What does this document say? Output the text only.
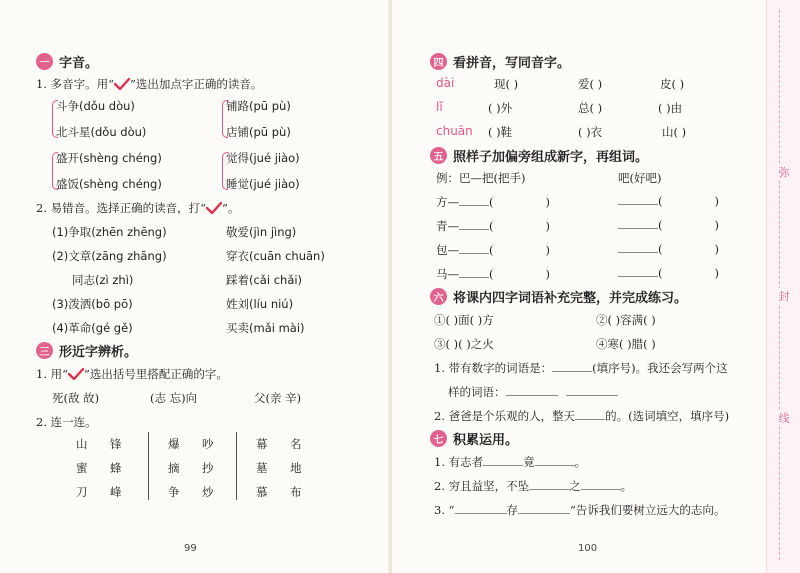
一 字音。
1. 多音字。用“ ”选出加点字正确的读音。
斗争(dǒu dòu)	铺路(pū pù)
北斗星(dǒu dòu)	店铺(pū pù)
盛开(shèng chéng)	觉得(jué jiào)
盛饭(shèng chéng)	睡觉(jué jiào)
2. 易错音。选择正确的读音，打“ ”。
(1)争取(zhēn zhēng)	敬爱(jìn jìng)
(2)文章(zāng zhāng)	穿衣(cuān chuān)
同志(zì zhì)	踩着(cǎi chǎi)
(3)泼洒(bō pō)	姓刘(líu niú)
(4)革命(gé gě)	买卖(mǎi mài)
三 形近字辨析。
1. 用“ ”选出括号里搭配正确的字。
死(敌 故)	(志 忘)向	父(亲 辛)
2. 连一连。
山 锋	爆 吵	幕 名
蜜 蜂	摘 抄	墓 地
刀 峰	争 炒	慕 布
99
四 看拼音，写同音字。
dài	现( )	爱( )	皮( )
lǐ	( )外	总( )	( )由
chuān ( )鞋	( )衣	山( )
五 照样子加偏旁组成新字，再组词。
例：巴—把(把手)	吧(好吧)
方—	(	)	(	)
青—	(	)	(	)
包—	(	)	(	)
马—	(	)	(	)
六 将课内四字词语补充完整，并完成练习。
①( )面( )方	②( )容满( )
③( )( )之火	④寒( )腊( )
1. 带有数字的词语是：	(填序号)。我还会写两个这
样的词语：
2. 爸爸是个乐观的人，整天	的。(选词填空，填序号)
七 积累运用。
1. 有志者	竟	。
2. 穷且益坚，不坠	之	。
3. “	存	”告诉我们要树立远大的志向。
100
弥
封
线
